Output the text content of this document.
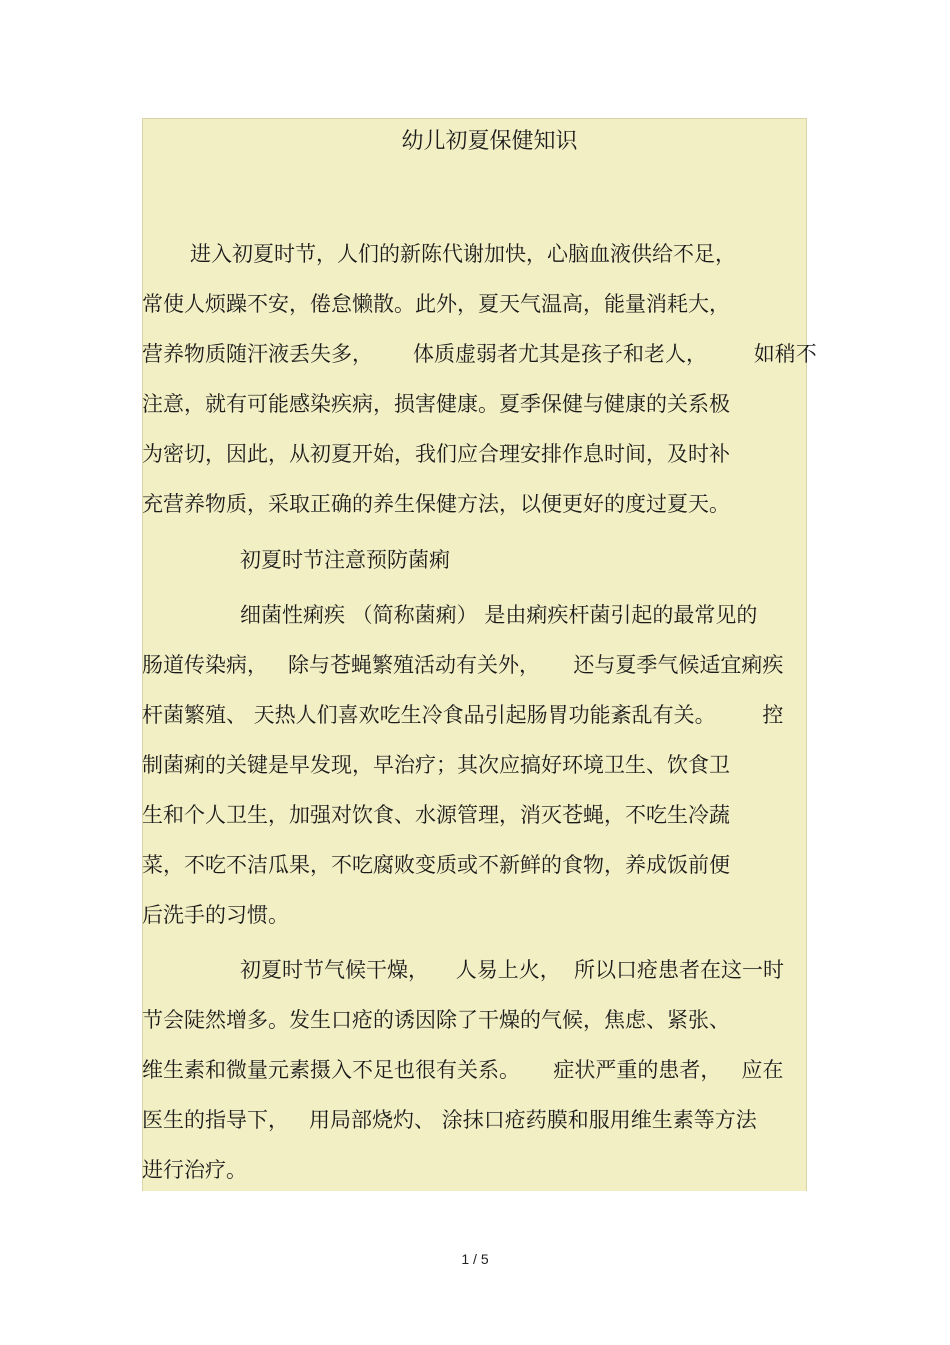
幼儿初夏保健知识
进入初夏时节，人们的新陈代谢加快，心脑血液供给不足，
常使人烦躁不安，倦怠懒散。此外，夏天气温高，能量消耗大，
营养物质随汗液丢失多，      体质虚弱者尤其是孩子和老人，       如稍不
注意，就有可能感染疾病，损害健康。夏季保健与健康的关系极
为密切，因此，从初夏开始，我们应合理安排作息时间，及时补
充营养物质，采取正确的养生保健方法，以便更好的度过夏天。
初夏时节注意预防菌痢
细菌性痢疾 （简称菌痢） 是由痢疾杆菌引起的最常见的
肠道传染病，   除与苍蝇繁殖活动有关外，     还与夏季气候适宜痢疾
杆菌繁殖、 天热人们喜欢吃生冷食品引起肠胃功能紊乱有关。       控
制菌痢的关键是早发现，早治疗；其次应搞好环境卫生、饮食卫
生和个人卫生，加强对饮食、水源管理，消灭苍蝇，不吃生冷蔬
菜，不吃不洁瓜果，不吃腐败变质或不新鲜的食物，养成饭前便
后洗手的习惯。
初夏时节气候干燥，    人易上火，  所以口疮患者在这一时
节会陡然增多。发生口疮的诱因除了干燥的气候，焦虑、紧张、
维生素和微量元素摄入不足也很有关系。     症状严重的患者，   应在
医生的指导下，   用局部烧灼、 涂抹口疮药膜和服用维生素等方法
进行治疗。
1 / 5
